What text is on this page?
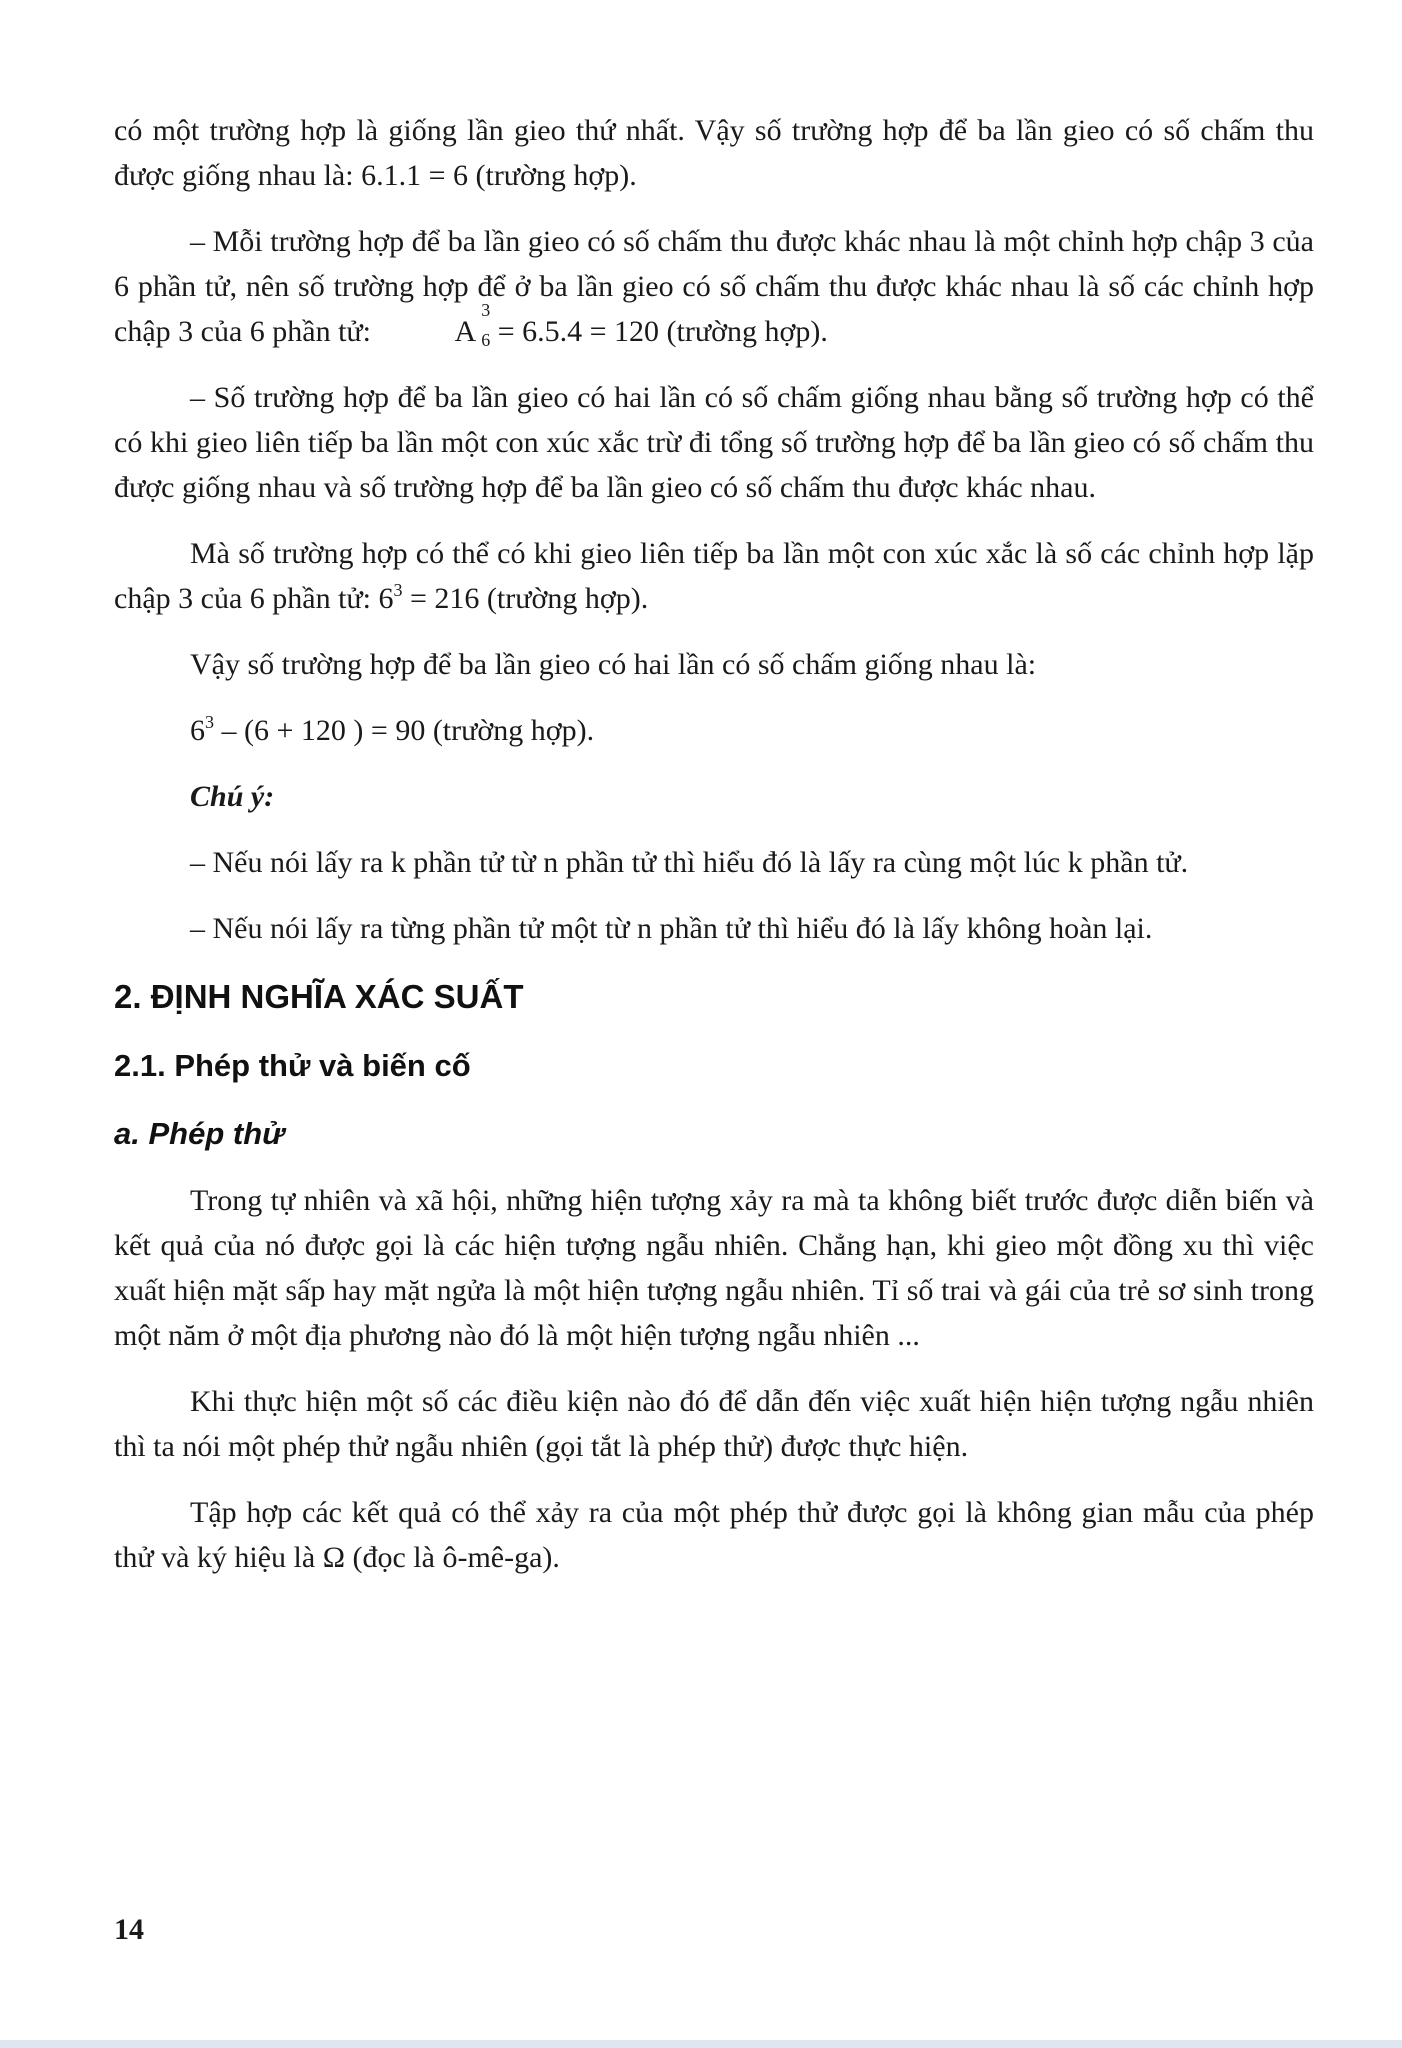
có một trường hợp là giống lần gieo thứ nhất. Vậy số trường hợp để ba lần gieo có số chấm thu được giống nhau là: 6.1.1 = 6 (trường hợp).

– Mỗi trường hợp để ba lần gieo có số chấm thu được khác nhau là một chỉnh hợp chập 3 của 6 phần tử, nên số trường hợp để ở ba lần gieo có số chấm thu được khác nhau là số các chỉnh hợp chập 3 của 6 phần tử:	A
3
6 = 6.5.4 = 120 (trường hợp).

– Số trường hợp để ba lần gieo có hai lần có số chấm giống nhau bằng số trường hợp có thể có khi gieo liên tiếp ba lần một con xúc xắc trừ đi tổng số trường hợp để ba lần gieo có số chấm thu được giống nhau và số trường hợp để ba lần gieo có số chấm thu được khác nhau.

Mà số trường hợp có thể có khi gieo liên tiếp ba lần một con xúc xắc là số các chỉnh hợp lặp chập 3 của 6 phần tử: $6^3 = 216$ (trường hợp).

Vậy số trường hợp để ba lần gieo có hai lần có số chấm giống nhau là:

$6^3 - (6 + 120$ ) = 90 (trường hợp).

Chú ý:

– Nếu nói lấy ra k phần tử từ n phần tử thì hiểu đó là lấy ra cùng một lúc k phần tử.

– Nếu nói lấy ra từng phần tử một từ n phần tử thì hiểu đó là lấy không hoàn lại.

2. ĐỊNH NGHĨA XÁC SUẤT
2.1. Phép thử và biến cố
a. Phép thử

Trong tự nhiên và xã hội, những hiện tượng xảy ra mà ta không biết trước được diễn biến và kết quả của nó được gọi là các hiện tượng ngẫu nhiên. Chẳng hạn, khi gieo một đồng xu thì việc xuất hiện mặt sấp hay mặt ngửa là một hiện tượng ngẫu nhiên. Tỉ số trai và gái của trẻ sơ sinh trong một năm ở một địa phương nào đó là một hiện tượng ngẫu nhiên ...

Khi thực hiện một số các điều kiện nào đó để dẫn đến việc xuất hiện hiện tượng ngẫu nhiên thì ta nói một phép thử ngẫu nhiên (gọi tắt là phép thử) được thực hiện.

Tập hợp các kết quả có thể xảy ra của một phép thử được gọi là không gian mẫu của phép thử và ký hiệu là Ω (đọc là ô-mê-ga).

14
